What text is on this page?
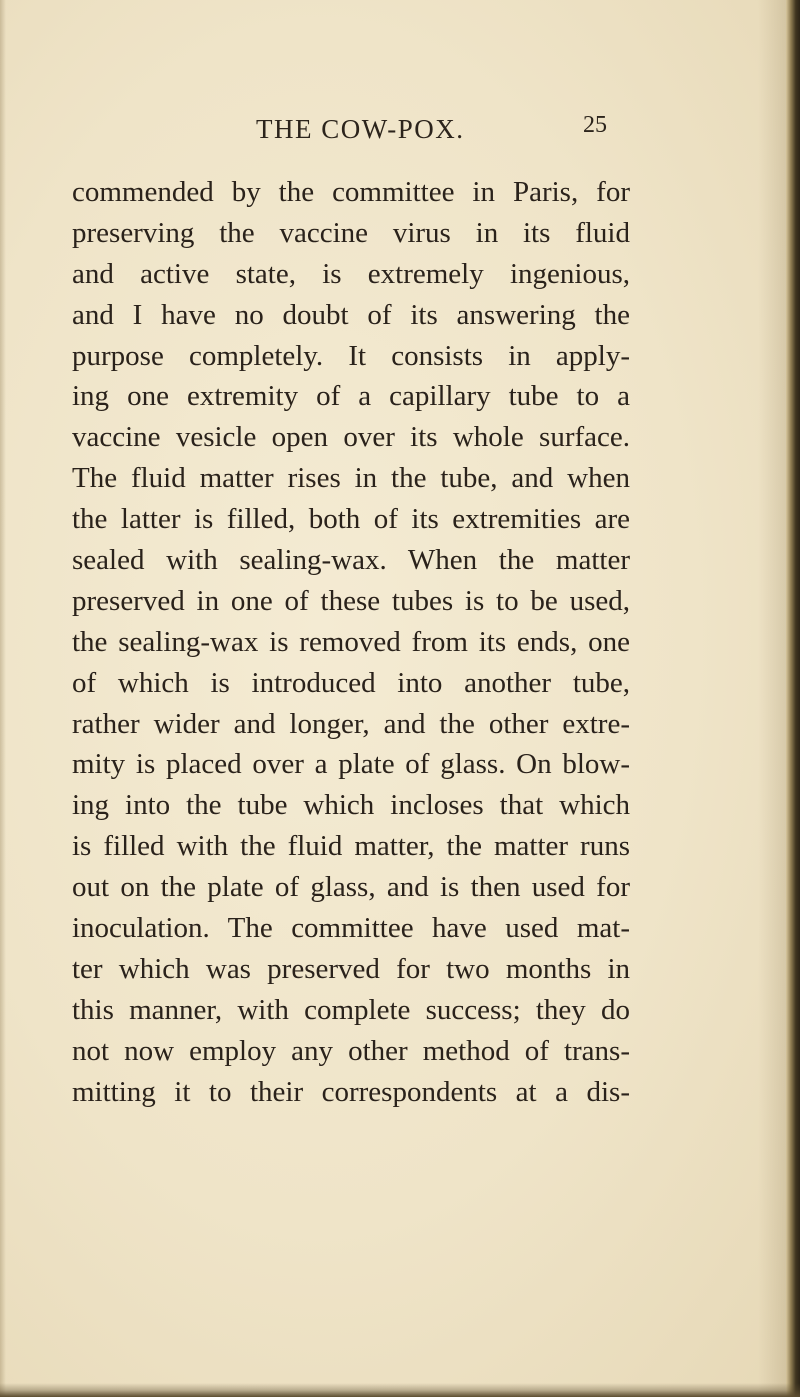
THE COW-POX.	25
commended by the committee in Paris, for
preserving the vaccine virus in its fluid
and active state, is extremely ingenious,
and I have no doubt of its answering the
purpose completely. It consists in apply-
ing one extremity of a capillary tube to a
vaccine vesicle open over its whole surface.
The fluid matter rises in the tube, and when
the latter is filled, both of its extremities are
sealed with sealing-wax. When the matter
preserved in one of these tubes is to be used,
the sealing-wax is removed from its ends, one
of which is introduced into another tube,
rather wider and longer, and the other extre-
mity is placed over a plate of glass. On blow-
ing into the tube which incloses that which
is filled with the fluid matter, the matter runs
out on the plate of glass, and is then used for
inoculation. The committee have used mat-
ter which was preserved for two months in
this manner, with complete success; they do
not now employ any other method of trans-
mitting it to their correspondents at a dis-
